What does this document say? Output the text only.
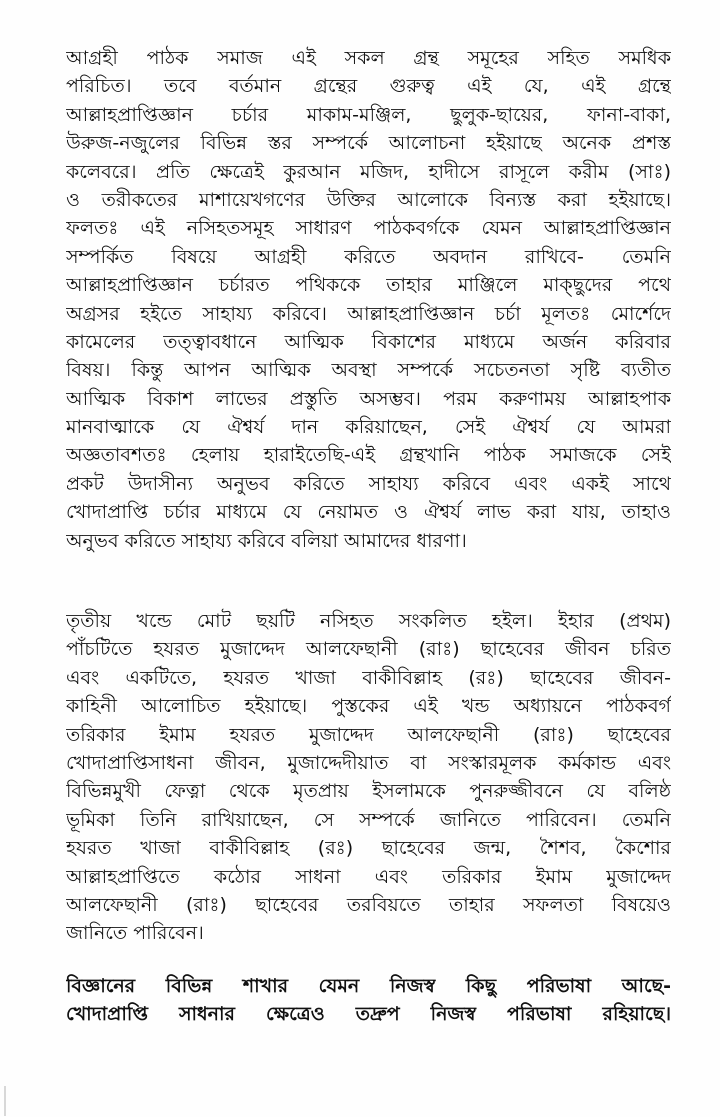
আগ্রহী পাঠক সমাজ এই সকল গ্রন্থ সমূহের সহিত সমধিক
পরিচিত। তবে বর্তমান গ্রন্থের গুরুত্ব এই যে, এই গ্রন্থে
আল্লাহপ্রাপ্তিজ্ঞান চর্চার মাকাম-মঞ্জিল, ছুলুক-ছায়ের, ফানা-বাকা,
উরুজ-নজুলের বিভিন্ন স্তর সম্পর্কে আলোচনা হইয়াছে অনেক প্রশস্ত
কলেবরে। প্রতি ক্ষেত্রেই কুরআন মজিদ, হাদীসে রাসূলে করীম (সাঃ)
ও তরীকতের মাশায়েখগণের উক্তির আলোকে বিন্যস্ত করা হইয়াছে।
ফলতঃ এই নসিহতসমূহ সাধারণ পাঠকবর্গকে যেমন আল্লাহপ্রাপ্তিজ্ঞান
সম্পর্কিত বিষয়ে আগ্রহী করিতে অবদান রাখিবে- তেমনি
আল্লাহপ্রাপ্তিজ্ঞান চর্চারত পথিককে তাহার মাঞ্জিলে মাক্ছুদের পথে
অগ্রসর হইতে সাহায্য করিবে। আল্লাহপ্রাপ্তিজ্ঞান চর্চা মূলতঃ মোর্শেদে
কামেলের তত্ত্বাবধানে আত্মিক বিকাশের মাধ্যমে অর্জন করিবার
বিষয়। কিন্তু আপন আত্মিক অবস্থা সম্পর্কে সচেতনতা সৃষ্টি ব্যতীত
আত্মিক বিকাশ লাভের প্রস্তুতি অসম্ভব। পরম করুণাময় আল্লাহপাক
মানবাত্মাকে যে ঐশ্বর্য দান করিয়াছেন, সেই ঐশ্বর্য যে আমরা
অজ্ঞতাবশতঃ হেলায় হারাইতেছি-এই গ্রন্থখানি পাঠক সমাজকে সেই
প্রকট উদাসীন্য অনুভব করিতে সাহায্য করিবে এবং একই সাথে
খোদাপ্রাপ্তি চর্চার মাধ্যমে যে নেয়ামত ও ঐশ্বর্য লাভ করা যায়, তাহাও
অনুভব করিতে সাহায্য করিবে বলিয়া আমাদের ধারণা।
তৃতীয় খন্ডে মোট ছয়টি নসিহত সংকলিত হইল। ইহার (প্রথম)
পাঁচটিতে হযরত মুজাদ্দেদ আলফেছানী (রাঃ) ছাহেবের জীবন চরিত
এবং একটিতে, হযরত খাজা বাকীবিল্লাহ (রঃ) ছাহেবের জীবন-
কাহিনী আলোচিত হইয়াছে। পুস্তকের এই খন্ড অধ্যায়নে পাঠকবর্গ
তরিকার ইমাম হযরত মুজাদ্দেদ আলফেছানী (রাঃ) ছাহেবের
খোদাপ্রাপ্তিসাধনা জীবন, মুজাদ্দেদীয়াত বা সংস্কারমূলক কর্মকান্ড এবং
বিভিন্নমুখী ফেত্না থেকে মৃতপ্রায় ইসলামকে পুনরুজ্জীবনে যে বলিষ্ঠ
ভূমিকা তিনি রাখিয়াছেন, সে সম্পর্কে জানিতে পারিবেন। তেমনি
হযরত খাজা বাকীবিল্লাহ (রঃ) ছাহেবের জন্ম, শৈশব, কৈশোর
আল্লাহপ্রাপ্তিতে কঠোর সাধনা এবং তরিকার ইমাম মুজাদ্দেদ
আলফেছানী (রাঃ) ছাহেবের তরবিয়তে তাহার সফলতা বিষয়েও
জানিতে পারিবেন।
বিজ্ঞানের বিভিন্ন শাখার যেমন নিজস্ব কিছু পরিভাষা আছে-
খোদাপ্রাপ্তি সাধনার ক্ষেত্রেও তদ্রুপ নিজস্ব পরিভাষা রহিয়াছে।
